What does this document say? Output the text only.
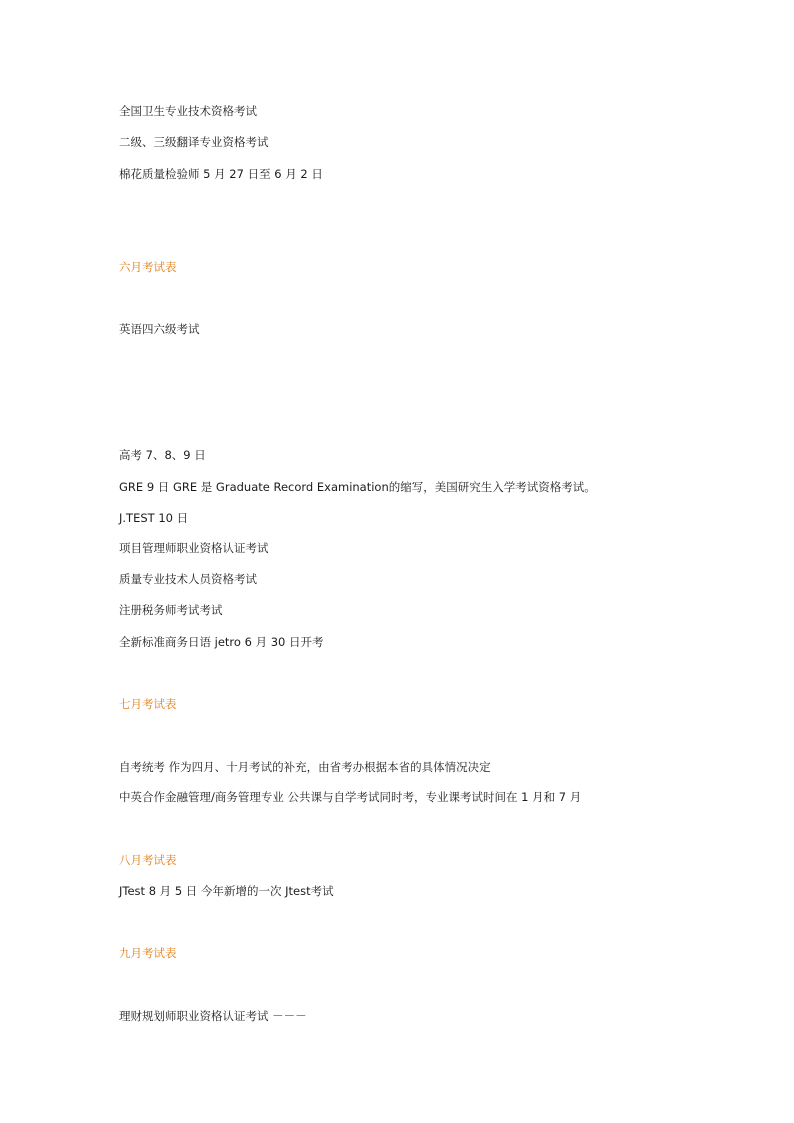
全国卫生专业技术资格考试
二级、三级翻译专业资格考试
棉花质量检验师 5 月 27 日至 6 月 2 日
六月考试表
英语四六级考试
高考 7、8、9 日
GRE 9 日 GRE 是 Graduate Record Examination的缩写，美国研究生入学考试资格考试。
J.TEST 10 日
项目管理师职业资格认证考试
质量专业技术人员资格考试
注册税务师考试考试
全新标准商务日语 jetro 6 月 30 日开考
七月考试表
自考统考 作为四月、十月考试的补充，由省考办根据本省的具体情况决定
中英合作金融管理/商务管理专业 公共课与自学考试同时考，专业课考试时间在 1 月和 7 月
八月考试表
JTest 8 月 5 日 今年新增的一次 Jtest考试
九月考试表
理财规划师职业资格认证考试 －－－
